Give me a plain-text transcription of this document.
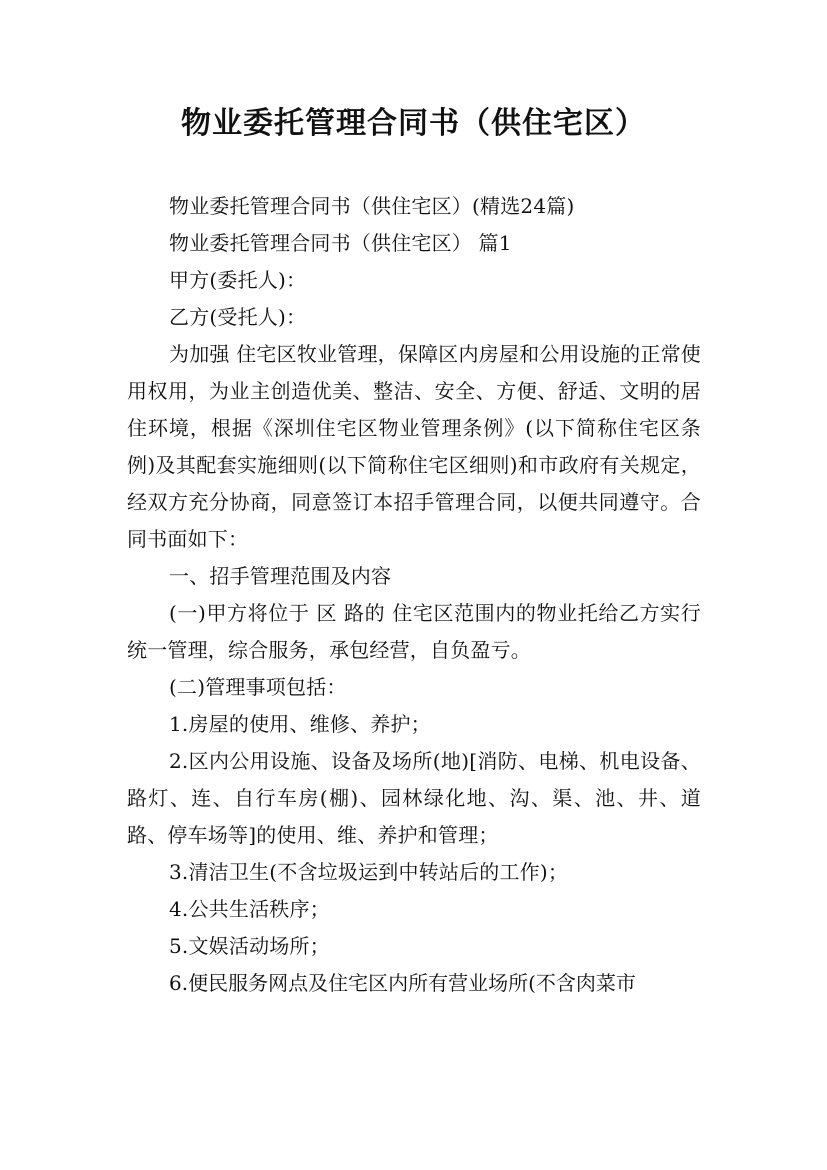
物业委托管理合同书（供住宅区）

物业委托管理合同书（供住宅区）(精选24篇)

物业委托管理合同书（供住宅区） 篇1

甲方(委托人)：

乙方(受托人)：

为加强 住宅区牧业管理，保障区内房屋和公用设施的正常使用权用，为业主创造优美、整洁、安全、方便、舒适、文明的居住环境，根据《深圳住宅区物业管理条例》(以下简称住宅区条例)及其配套实施细则(以下简称住宅区细则)和市政府有关规定，经双方充分协商，同意签订本招手管理合同，以便共同遵守。合同书面如下：

一、招手管理范围及内容

(一)甲方将位于 区 路的 住宅区范围内的物业托给乙方实行统一管理，综合服务，承包经营，自负盈亏。

(二)管理事项包括：

1.房屋的使用、维修、养护；

2.区内公用设施、设备及场所(地)[消防、电梯、机电设备、路灯、连、自行车房(棚)、园林绿化地、沟、渠、池、井、道路、停车场等]的使用、维、养护和管理；

3.清洁卫生(不含垃圾运到中转站后的工作)；

4.公共生活秩序；

5.文娱活动场所；

6.便民服务网点及住宅区内所有营业场所(不含肉菜市
